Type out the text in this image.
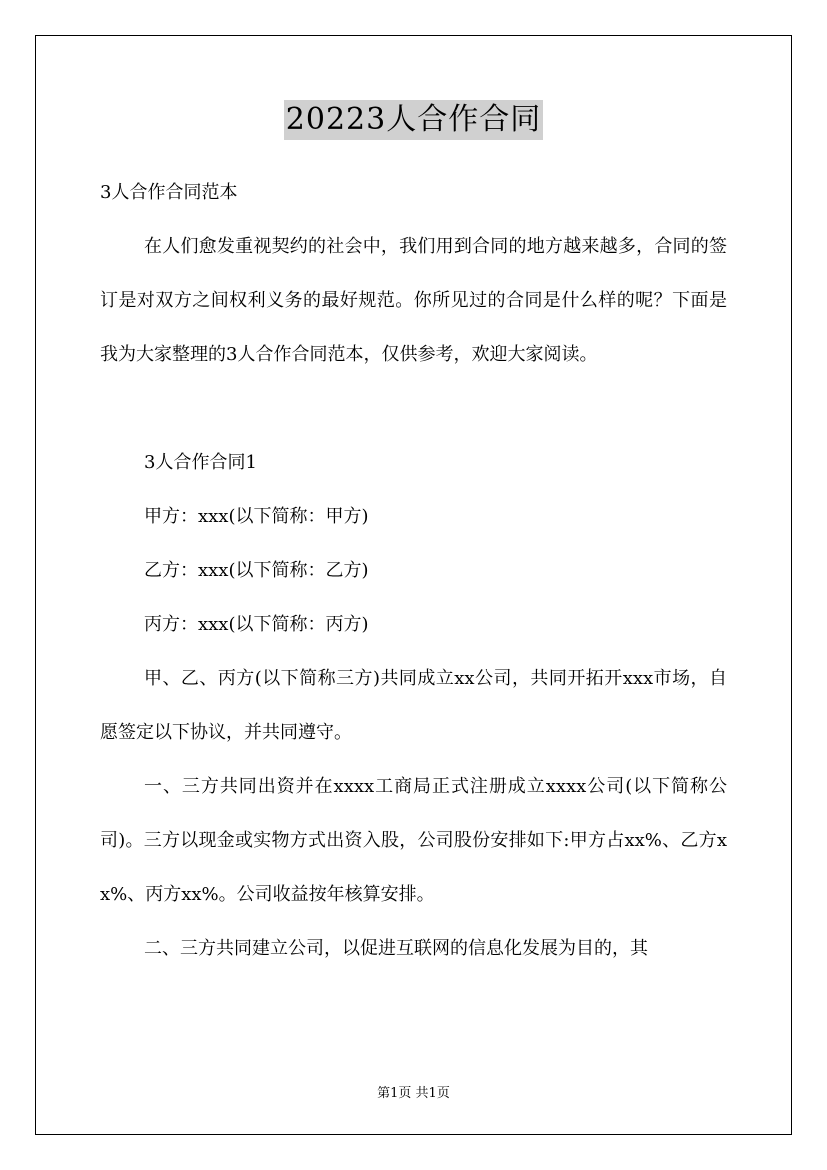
20223人合作合同

3人合作合同范本

在人们愈发重视契约的社会中，我们用到合同的地方越来越多，合同的签订是对双方之间权利义务的最好规范。你所见过的合同是什么样的呢？下面是我为大家整理的3人合作合同范本，仅供参考，欢迎大家阅读。

3人合作合同1

甲方：xxx(以下简称：甲方)

乙方：xxx(以下简称：乙方)

丙方：xxx(以下简称：丙方)

甲、乙、丙方(以下简称三方)共同成立xx公司，共同开拓开xxx市场，自愿签定以下协议，并共同遵守。

一、三方共同出资并在xxxx工商局正式注册成立xxxx公司(以下简称公司)。三方以现金或实物方式出资入股，公司股份安排如下:甲方占xx%、乙方xx%、丙方xx%。公司收益按年核算安排。

二、三方共同建立公司，以促进互联网的信息化发展为目的，其

第1页 共1页
